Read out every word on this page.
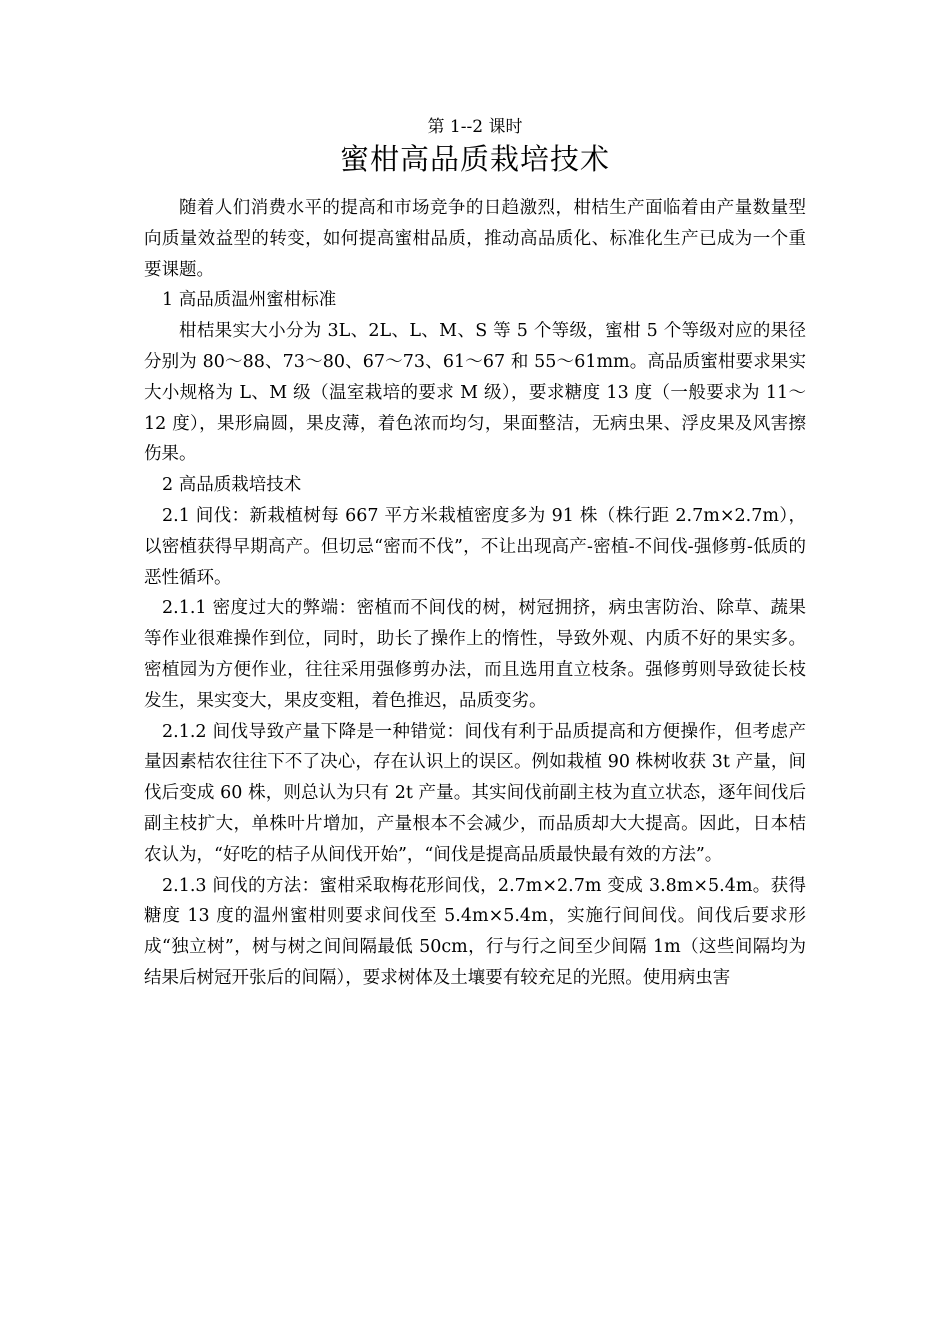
第 1--2 课时
蜜柑高品质栽培技术

随着人们消费水平的提高和市场竞争的日趋激烈，柑桔生产面临着由产量数量型向质量效益型的转变，如何提高蜜柑品质，推动高品质化、标准化生产已成为一个重要课题。

1 高品质温州蜜柑标准

柑桔果实大小分为 3L、2L、L、M、S 等 5 个等级，蜜柑 5 个等级对应的果径分别为 80～88、73～80、67～73、61～67 和 55～61mm。高品质蜜柑要求果实大小规格为 L、M 级（温室栽培的要求 M 级），要求糖度 13 度（一般要求为 11～12 度），果形扁圆，果皮薄，着色浓而均匀，果面整洁，无病虫果、浮皮果及风害擦伤果。

2 高品质栽培技术

2.1 间伐：新栽植树每 667 平方米栽植密度多为 91 株（株行距 2.7m×2.7m），以密植获得早期高产。但切忌“密而不伐”，不让出现高产-密植-不间伐-强修剪-低质的恶性循环。

2.1.1 密度过大的弊端：密植而不间伐的树，树冠拥挤，病虫害防治、除草、蔬果等作业很难操作到位，同时，助长了操作上的惰性，导致外观、内质不好的果实多。密植园为方便作业，往往采用强修剪办法，而且选用直立枝条。强修剪则导致徒长枝发生，果实变大，果皮变粗，着色推迟，品质变劣。

2.1.2 间伐导致产量下降是一种错觉：间伐有利于品质提高和方便操作，但考虑产量因素桔农往往下不了决心，存在认识上的误区。例如栽植 90 株树收获 3t 产量，间伐后变成 60 株，则总认为只有 2t 产量。其实间伐前副主枝为直立状态，逐年间伐后副主枝扩大，单株叶片增加，产量根本不会减少，而品质却大大提高。因此，日本桔农认为，“好吃的桔子从间伐开始”，“间伐是提高品质最快最有效的方法”。

2.1.3 间伐的方法：蜜柑采取梅花形间伐，2.7m×2.7m 变成 3.8m×5.4m。获得糖度 13 度的温州蜜柑则要求间伐至 5.4m×5.4m，实施行间间伐。间伐后要求形成“独立树”，树与树之间间隔最低 50cm，行与行之间至少间隔 1m（这些间隔均为结果后树冠开张后的间隔），要求树体及土壤要有较充足的光照。使用病虫害
